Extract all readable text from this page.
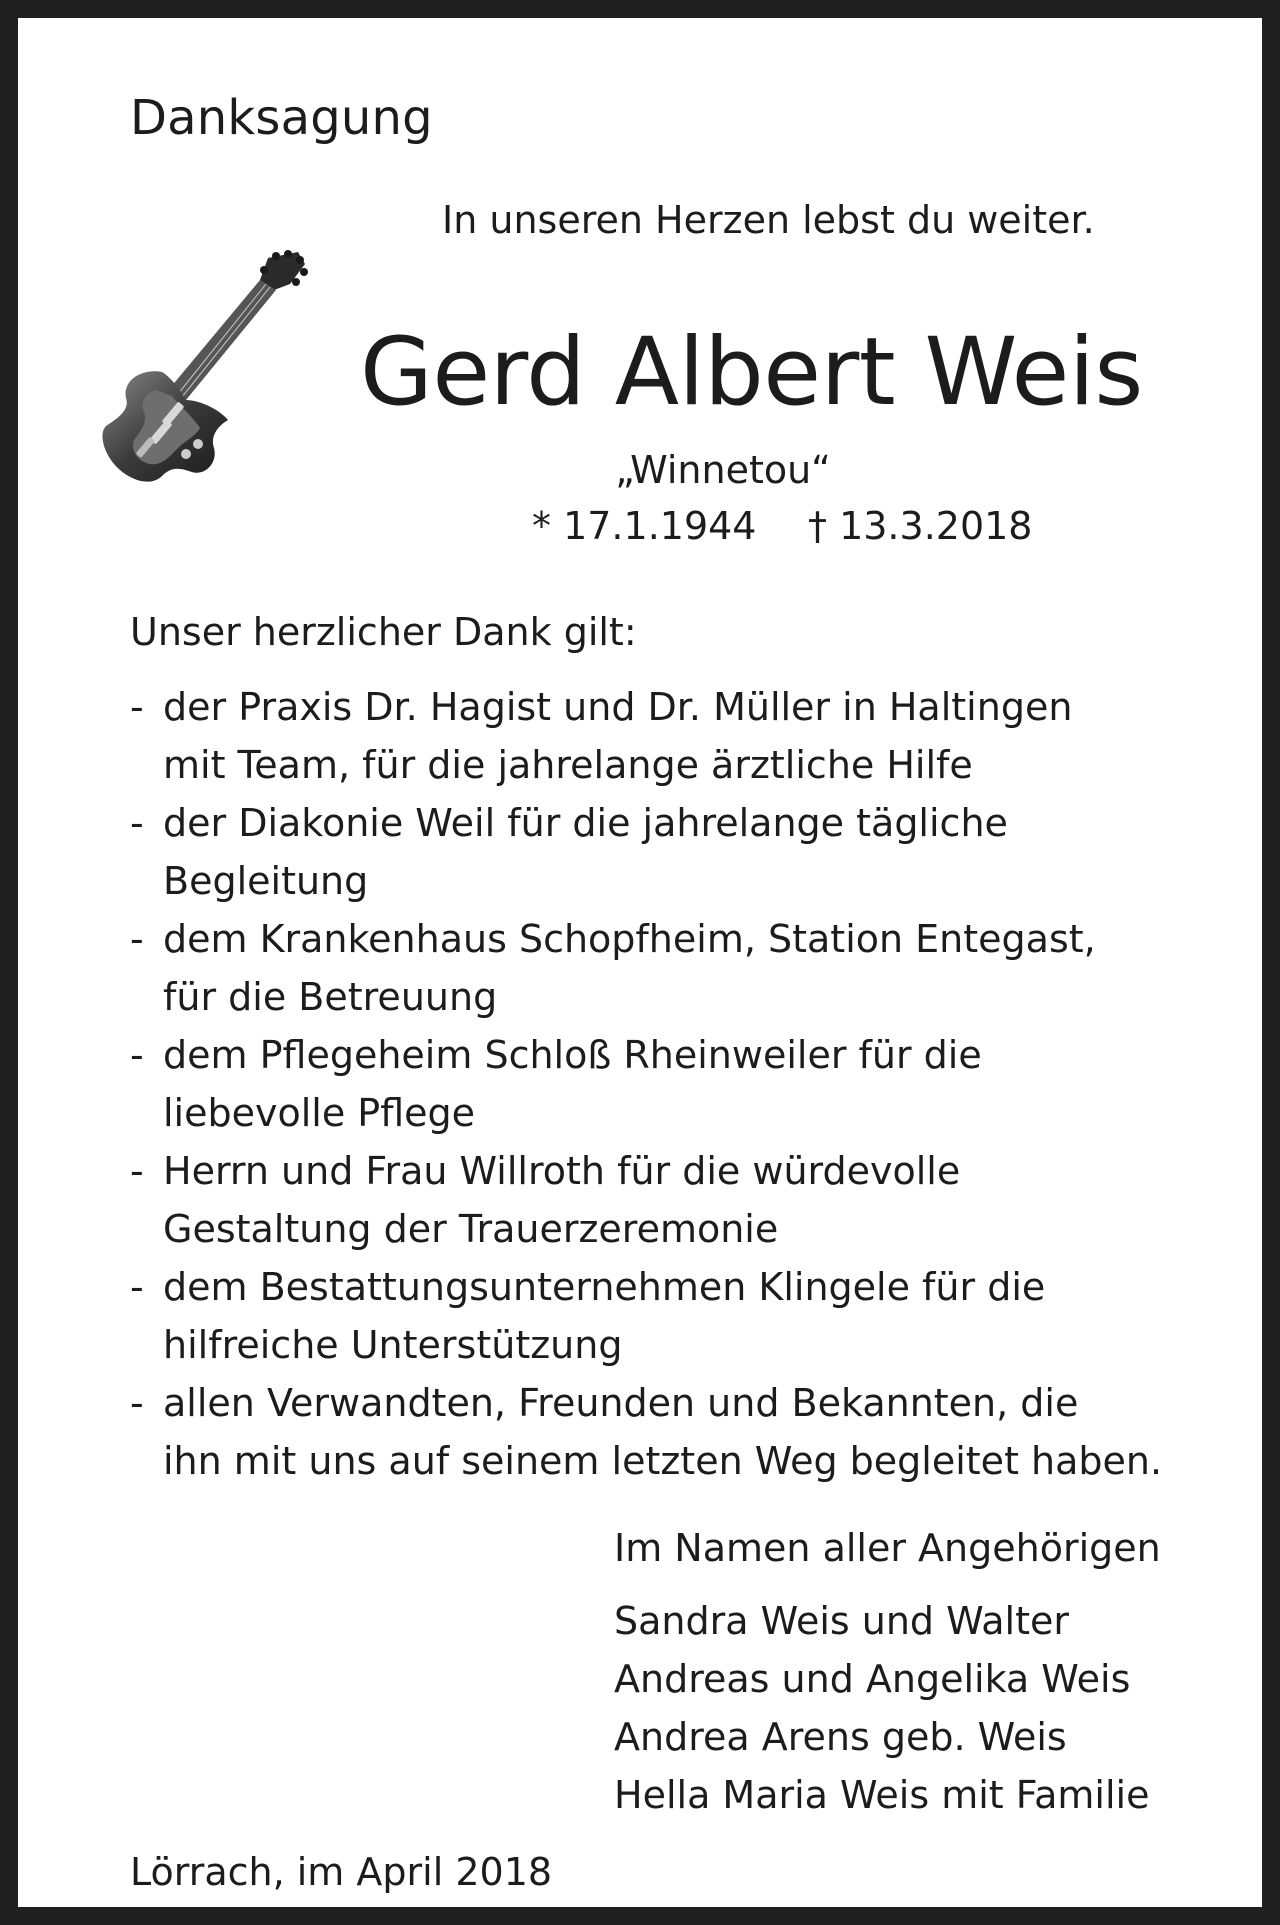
Danksagung
In unseren Herzen lebst du weiter.
Gerd Albert Weis
„Winnetou“
* 17.1.1944 † 13.3.2018
Unser herzlicher Dank gilt:
- der Praxis Dr. Hagist und Dr. Müller in Haltingen
mit Team, für die jahrelange ärztliche Hilfe
- der Diakonie Weil für die jahrelange tägliche
Begleitung
- dem Krankenhaus Schopfheim, Station Entegast,
für die Betreuung
- dem Pflegeheim Schloß Rheinweiler für die
liebevolle Pflege
- Herrn und Frau Willroth für die würdevolle
Gestaltung der Trauerzeremonie
- dem Bestattungsunternehmen Klingele für die
hilfreiche Unterstützung
- allen Verwandten, Freunden und Bekannten, die
ihn mit uns auf seinem letzten Weg begleitet haben.
Im Namen aller Angehörigen
Sandra Weis und Walter
Andreas und Angelika Weis
Andrea Arens geb. Weis
Hella Maria Weis mit Familie
Lörrach, im April 2018
